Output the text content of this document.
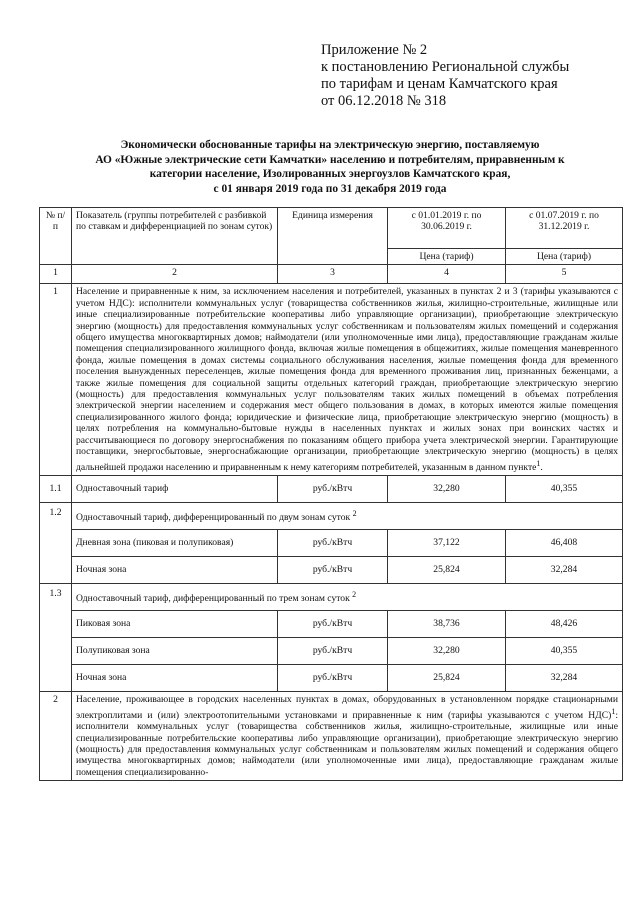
Приложение № 2
к постановлению Региональной службы
по тарифам и ценам Камчатского края
от 06.12.2018 № 318
Экономически обоснованные тарифы на электрическую энергию, поставляемую
АО «Южные электрические сети Камчатки» населению и потребителям, приравненным к
категории население, Изолированных энергоузлов Камчатского края,
с 01 января 2019 года по 31 декабря 2019 года
№ п/п	Показатель (группы потребителей с разбивкой по ставкам и дифференциацией по зонам суток)	Единица измерения	с 01.01.2019 г. по 30.06.2019 г.	с 01.07.2019 г. по 31.12.2019 г.
			Цена (тариф)	Цена (тариф)
1	2	3	4	5
1	Население и приравненные к ним, за исключением населения и потребителей, указанных в пунктах 2 и 3 (тарифы указываются с учетом НДС): исполнители коммунальных услуг (товарищества собственников жилья, жилищно-строительные, жилищные или иные специализированные потребительские кооперативы либо управляющие организации), приобретающие электрическую энергию (мощность) для предоставления коммунальных услуг собственникам и пользователям жилых помещений и содержания общего имущества многоквартирных домов; наймодатели (или уполномоченные ими лица), предоставляющие гражданам жилые помещения специализированного жилищного фонда, включая жилые помещения в общежитиях, жилые помещения маневренного фонда, жилые помещения в домах системы социального обслуживания населения, жилые помещения фонда для временного поселения вынужденных переселенцев, жилые помещения фонда для временного проживания лиц, признанных беженцами, а также жилые помещения для социальной защиты отдельных категорий граждан, приобретающие электрическую энергию (мощность) для предоставления коммунальных услуг пользователям таких жилых помещений в объемах потребления электрической энергии населением и содержания мест общего пользования в домах, в которых имеются жилые помещения специализированного жилого фонда; юридические и физические лица, приобретающие электрическую энергию (мощность) в целях потребления на коммунально-бытовые нужды в населенных пунктах и жилых зонах при воинских частях и рассчитывающиеся по договору энергоснабжения по показаниям общего прибора учета электрической энергии. Гарантирующие поставщики, энергосбытовые, энергоснабжающие организации, приобретающие электрическую энергию (мощность) в целях дальнейшей продажи населению и приравненным к нему категориям потребителей, указанным в данном пункте$^1$.			
1.1	Одноставочный тариф	руб./кВтч	32,280	40,355
1.2	Одноставочный тариф, дифференцированный по двум зонам суток $^2$
	Дневная зона (пиковая и полупиковая)	руб./кВтч	37,122	46,408
	Ночная зона	руб./кВтч	25,824	32,284
1.3	Одноставочный тариф, дифференцированный по трем зонам суток $^2$
	Пиковая зона	руб./кВтч	38,736	48,426
	Полупиковая зона	руб./кВтч	32,280	40,355
	Ночная зона	руб./кВтч	25,824	32,284
2	Население, проживающее в городских населенных пунктах в домах, оборудованных в установленном порядке стационарными электроплитами и (или) электроотопительными установками и приравненные к ним (тарифы указываются с учетом НДС)$^1$: исполнители коммунальных услуг (товарищества собственников жилья, жилищно-строительные, жилищные или иные специализированные потребительские кооперативы либо управляющие организации), приобретающие электрическую энергию (мощность) для предоставления коммунальных услуг собственникам и пользователям жилых помещений и содержания общего имущества многоквартирных домов; наймодатели (или уполномоченные ими лица), предоставляющие гражданам жилые помещения специализированно-			
